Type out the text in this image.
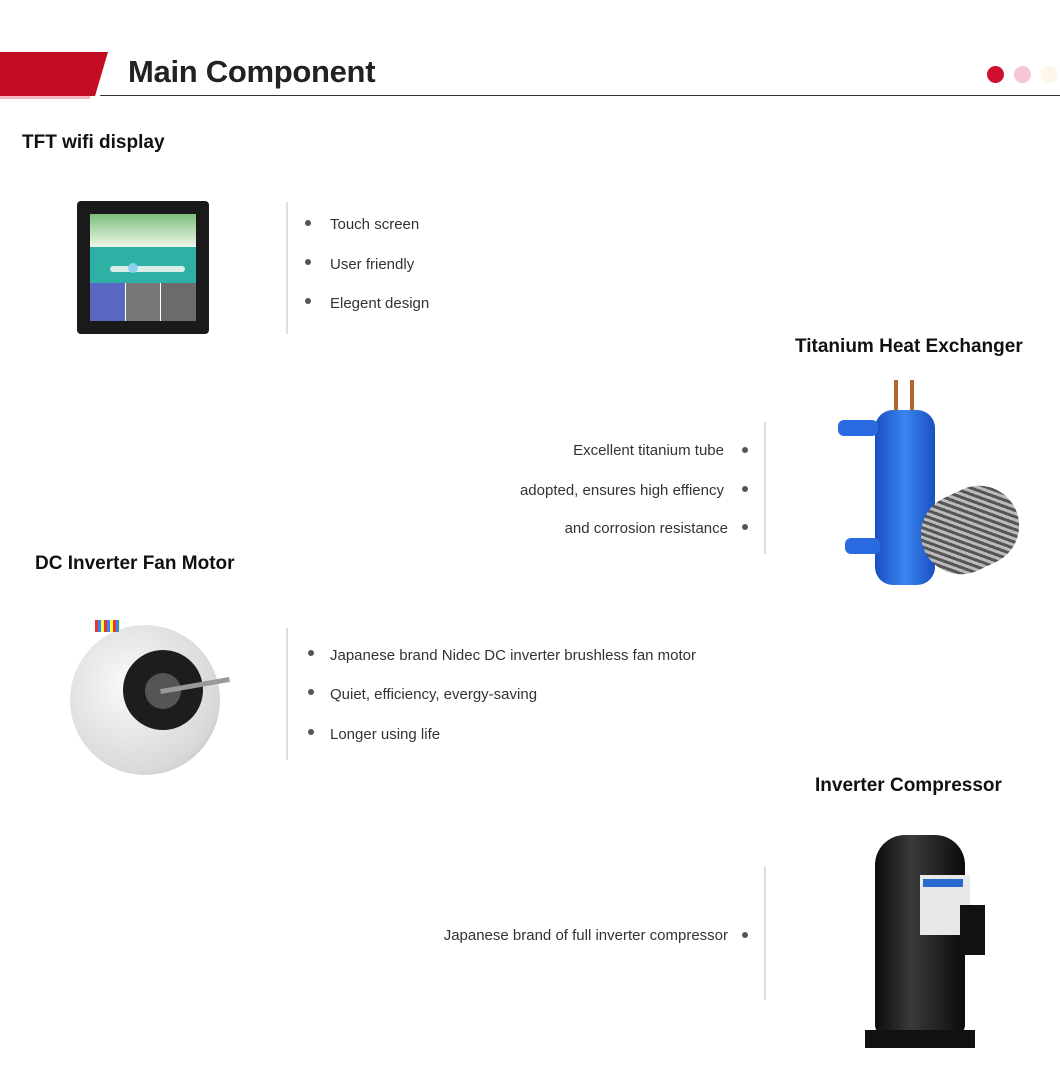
Main Component
TFT wifi display
Touch screen
User friendly
Elegent design
Titanium Heat Exchanger
Excellent titanium tube
adopted, ensures high effiency
and corrosion resistance
DC Inverter Fan Motor
Japanese brand Nidec DC inverter brushless fan motor
Quiet, efficiency, evergy-saving
Longer using life
Inverter Compressor
Japanese brand of full inverter compressor
